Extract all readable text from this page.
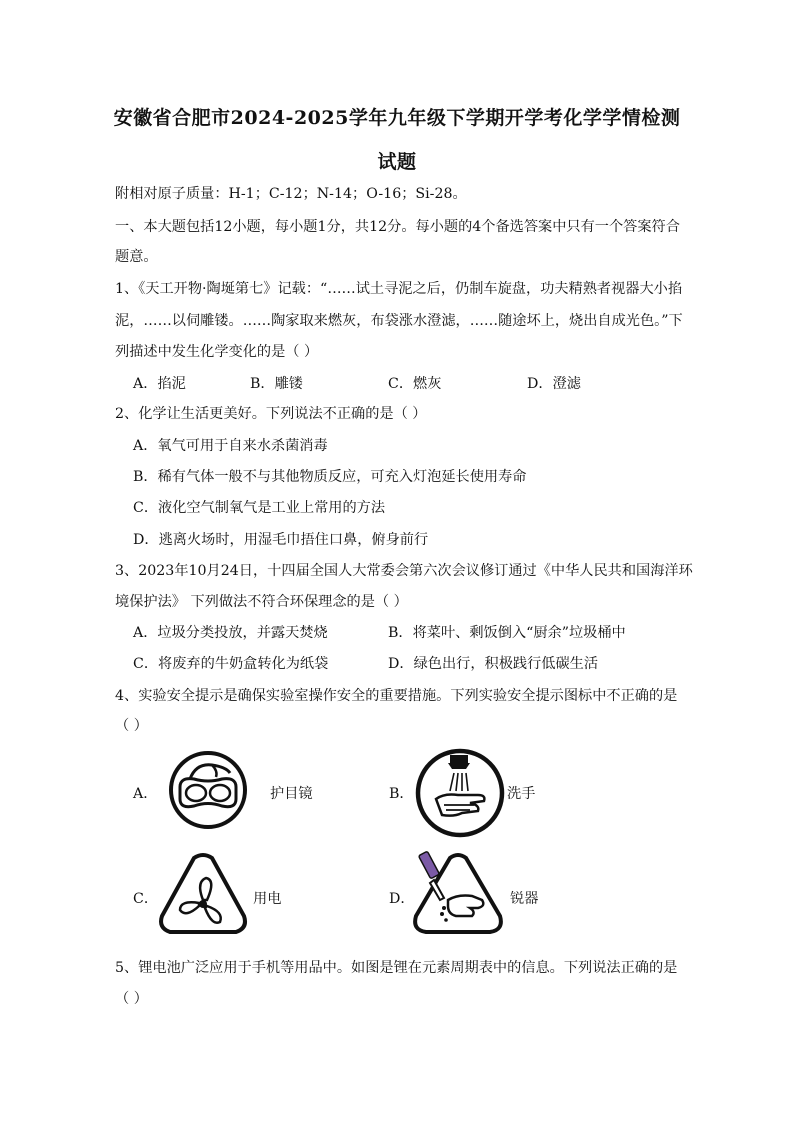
安徽省合肥市2024-2025学年九年级下学期开学考化学学情检测
试题
附相对原子质量：H-1；C-12；N-14；O-16；Si-28。
一、本大题包括12小题，每小题1分，共12分。每小题的4个备选答案中只有一个答案符合
题意。
1、《天工开物·陶埏第七》记载：“……试土寻泥之后，仍制车旋盘，功夫精熟者视器大小掐
泥，……以伺雕镂。……陶家取来燃灰，布袋涨水澄滤，……随途坏上，烧出自成光色。”下
列描述中发生化学变化的是（ ）
A．掐泥	B．雕镂	C．燃灰	D．澄滤
2、化学让生活更美好。下列说法不正确的是（ ）
A．氧气可用于自来水杀菌消毒
B．稀有气体一般不与其他物质反应，可充入灯泡延长使用寿命
C．液化空气制氧气是工业上常用的方法
D．逃离火场时，用湿毛巾捂住口鼻，俯身前行
3、2023年10月24日，十四届全国人大常委会第六次会议修订通过《中华人民共和国海洋环
境保护法》 下列做法不符合环保理念的是（ ）
A．垃圾分类投放，并露天焚烧	B．将菜叶、剩饭倒入“厨余”垃圾桶中
C．将废弃的牛奶盒转化为纸袋	D．绿色出行，积极践行低碳生活
4、实验安全提示是确保实验室操作安全的重要措施。下列实验安全提示图标中不正确的是
（ ）
A．	护目镜	B．	洗手
C．	用电	D．	锐器
5、锂电池广泛应用于手机等用品中。如图是锂在元素周期表中的信息。下列说法正确的是
（ ）
